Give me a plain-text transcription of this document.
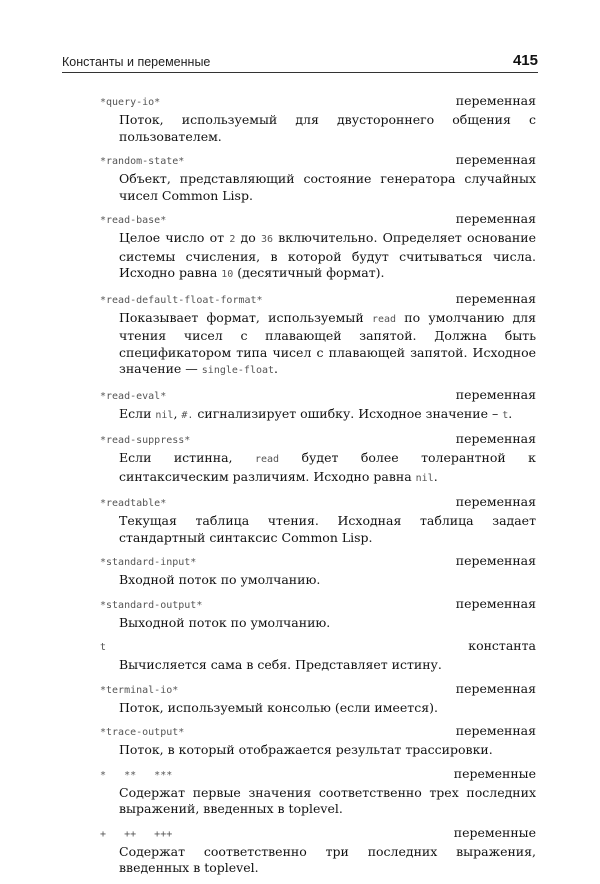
Константы и переменные	415
*query-io*	переменная
Поток, используемый для двустороннего общения с пользователем.
*random-state*	переменная
Объект, представляющий состояние генератора случайных чисел Common Lisp.
*read-base*	переменная
Целое число от 2 до 36 включительно. Определяет основание системы счисления, в которой будут считываться числа. Исходно равна 10 (десятичный формат).
*read-default-float-format*	переменная
Показывает формат, используемый read по умолчанию для чтения чисел с плавающей запятой. Должна быть спецификатором типа чисел с плавающей запятой. Исходное значение — single-float.
*read-eval*	переменная
Если nil, #. сигнализирует ошибку. Исходное значение – t.
*read-suppress*	переменная
Если истинна, read будет более толерантной к синтаксическим различиям. Исходно равна nil.
*readtable*	переменная
Текущая таблица чтения. Исходная таблица задает стандартный синтаксис Common Lisp.
*standard-input*	переменная
Входной поток по умолчанию.
*standard-output*	переменная
Выходной поток по умолчанию.
t	константа
Вычисляется сама в себя. Представляет истину.
*terminal-io*	переменная
Поток, используемый консолью (если имеется).
*trace-output*	переменная
Поток, в который отображается результат трассировки.
*   **   ***	переменные
Содержат первые значения соответственно трех последних выражений, введенных в toplevel.
+   ++   +++	переменные
Содержат соответственно три последних выражения, введенных в toplevel.
